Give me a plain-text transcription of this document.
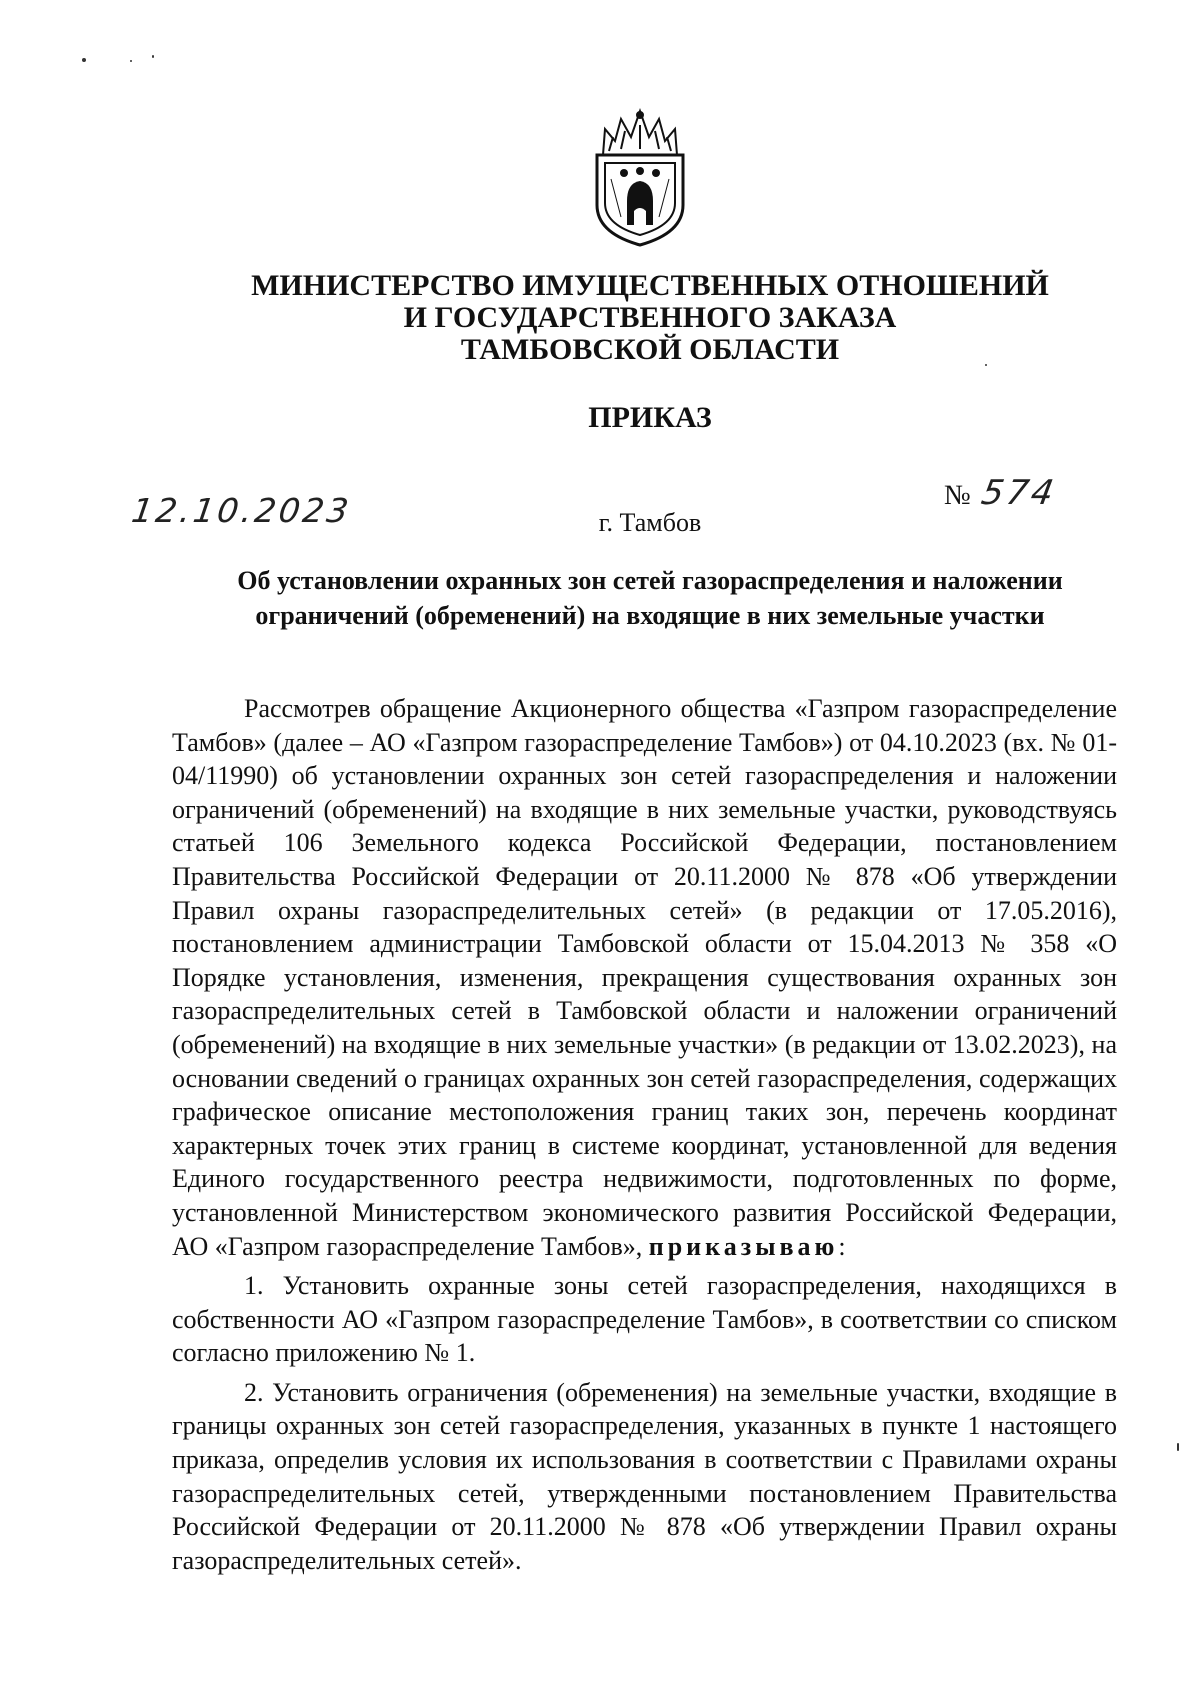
МИНИСТЕРСТВО ИМУЩЕСТВЕННЫХ ОТНОШЕНИЙ
И ГОСУДАРСТВЕННОГО ЗАКАЗА
ТАМБОВСКОЙ ОБЛАСТИ
ПРИКАЗ
12.10.2023	№ 574
г. Тамбов
Об установлении охранных зон сетей газораспределения и наложении
ограничений (обременений) на входящие в них земельные участки

Рассмотрев обращение Акционерного общества «Газпром газораспределение Тамбов» (далее – АО «Газпром газораспределение Тамбов») от 04.10.2023 (вх. № 01-04/11990) об установлении охранных зон сетей газораспределения и наложении ограничений (обременений) на входящие в них земельные участки, руководствуясь статьей 106 Земельного кодекса Российской Федерации, постановлением Правительства Российской Федерации от 20.11.2000 № 878 «Об утверждении Правил охраны газораспределительных сетей» (в редакции от 17.05.2016), постановлением администрации Тамбовской области от 15.04.2013 № 358 «О Порядке установления, изменения, прекращения существования охранных зон газораспределительных сетей в Тамбовской области и наложении ограничений (обременений) на входящие в них земельные участки» (в редакции от 13.02.2023), на основании сведений о границах охранных зон сетей газораспределения, содержащих графическое описание местоположения границ таких зон, перечень координат характерных точек этих границ в системе координат, установленной для ведения Единого государственного реестра недвижимости, подготовленных по форме, установленной Министерством экономического развития Российской Федерации, АО «Газпром газораспределение Тамбов», приказываю:

1. Установить охранные зоны сетей газораспределения, находящихся в собственности АО «Газпром газораспределение Тамбов», в соответствии со списком согласно приложению № 1.

2. Установить ограничения (обременения) на земельные участки, входящие в границы охранных зон сетей газораспределения, указанных в пункте 1 настоящего приказа, определив условия их использования в соответствии с Правилами охраны газораспределительных сетей, утвержденными постановлением Правительства Российской Федерации от 20.11.2000 № 878 «Об утверждении Правил охраны газораспределительных сетей».
